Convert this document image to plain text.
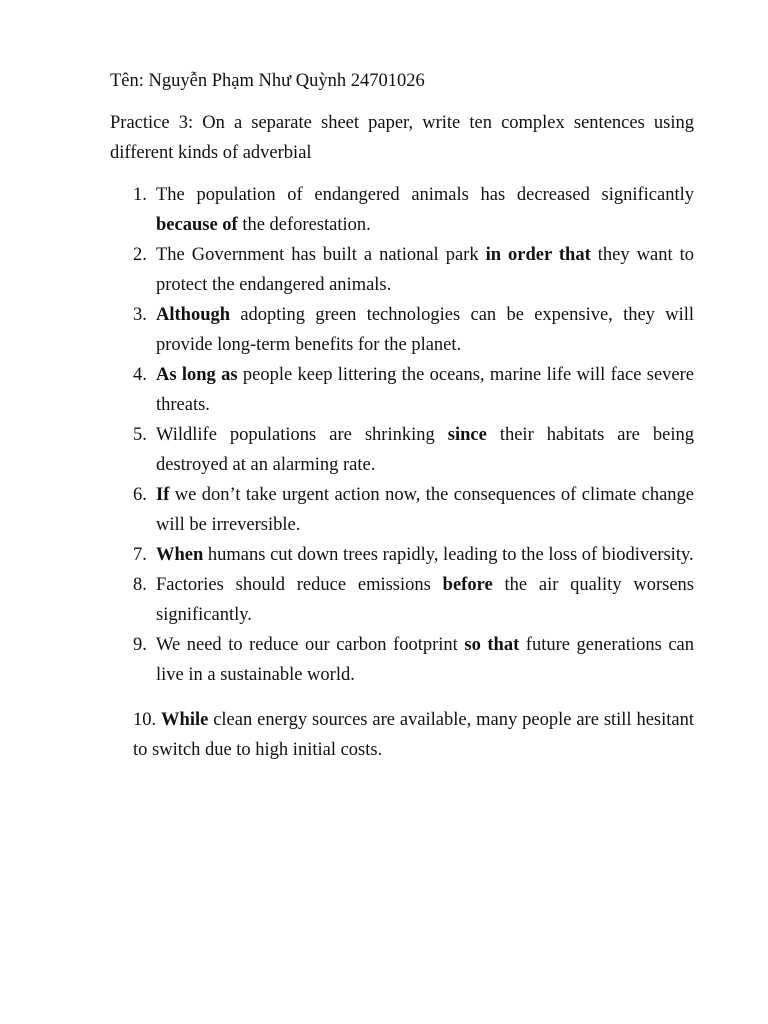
Tên: Nguyễn Phạm Như Quỳnh 24701026

Practice 3: On a separate sheet paper, write ten complex sentences using different kinds of adverbial

1. The population of endangered animals has decreased significantly because of the deforestation.
2. The Government has built a national park in order that they want to protect the endangered animals.
3. Although adopting green technologies can be expensive, they will provide long-term benefits for the planet.
4. As long as people keep littering the oceans, marine life will face severe threats.
5. Wildlife populations are shrinking since their habitats are being destroyed at an alarming rate.
6. If we don’t take urgent action now, the consequences of climate change will be irreversible.
7. When humans cut down trees rapidly, leading to the loss of biodiversity.
8. Factories should reduce emissions before the air quality worsens significantly.
9. We need to reduce our carbon footprint so that future generations can live in a sustainable world.

10. While clean energy sources are available, many people are still hesitant to switch due to high initial costs.
